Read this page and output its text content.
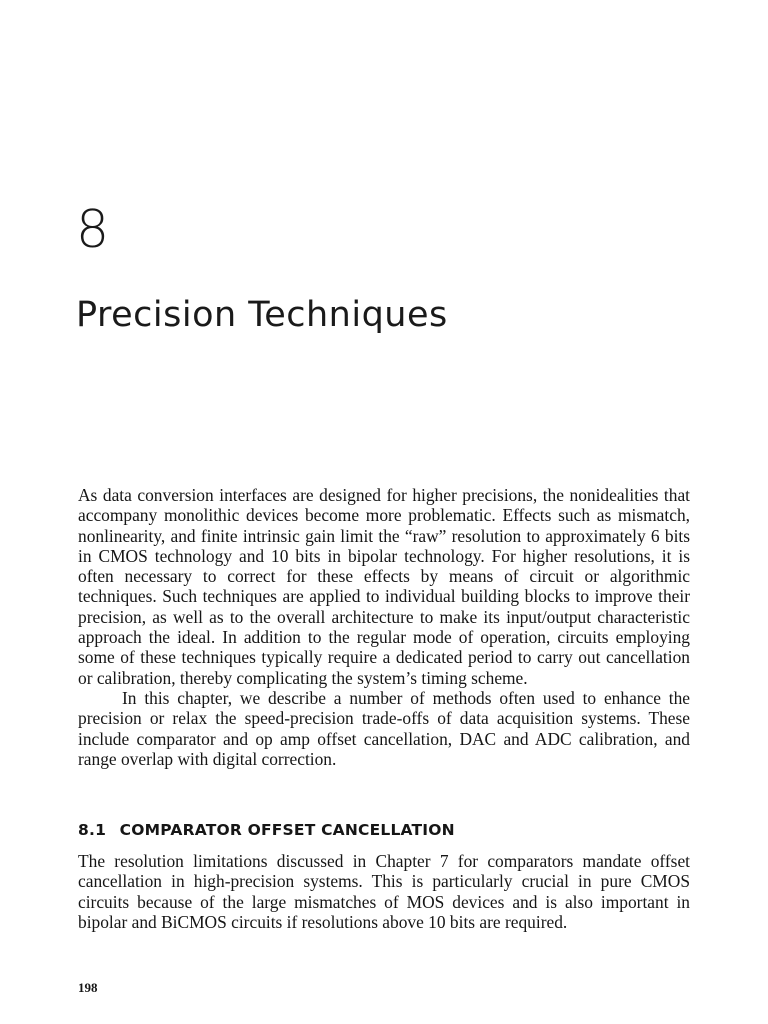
8
Precision Techniques

As data conversion interfaces are designed for higher precisions, the nonidealities that accompany monolithic devices become more problematic. Effects such as mismatch, nonlinearity, and finite intrinsic gain limit the “raw” resolution to approximately 6 bits in CMOS technology and 10 bits in bipolar technology. For higher resolutions, it is often necessary to correct for these effects by means of circuit or algorithmic techniques. Such techniques are applied to individual building blocks to improve their precision, as well as to the overall architecture to make its input/output characteristic approach the ideal. In addition to the regular mode of operation, circuits employing some of these techniques typically require a dedicated period to carry out cancellation or calibration, thereby complicating the system’s timing scheme.

In this chapter, we describe a number of methods often used to enhance the precision or relax the speed-precision trade-offs of data acquisition systems. These include comparator and op amp offset cancellation, DAC and ADC calibration, and range overlap with digital correction.

8.1 COMPARATOR OFFSET CANCELLATION

The resolution limitations discussed in Chapter 7 for comparators mandate offset cancellation in high-precision systems. This is particularly crucial in pure CMOS circuits because of the large mismatches of MOS devices and is also important in bipolar and BiCMOS circuits if resolutions above 10 bits are required.

198
